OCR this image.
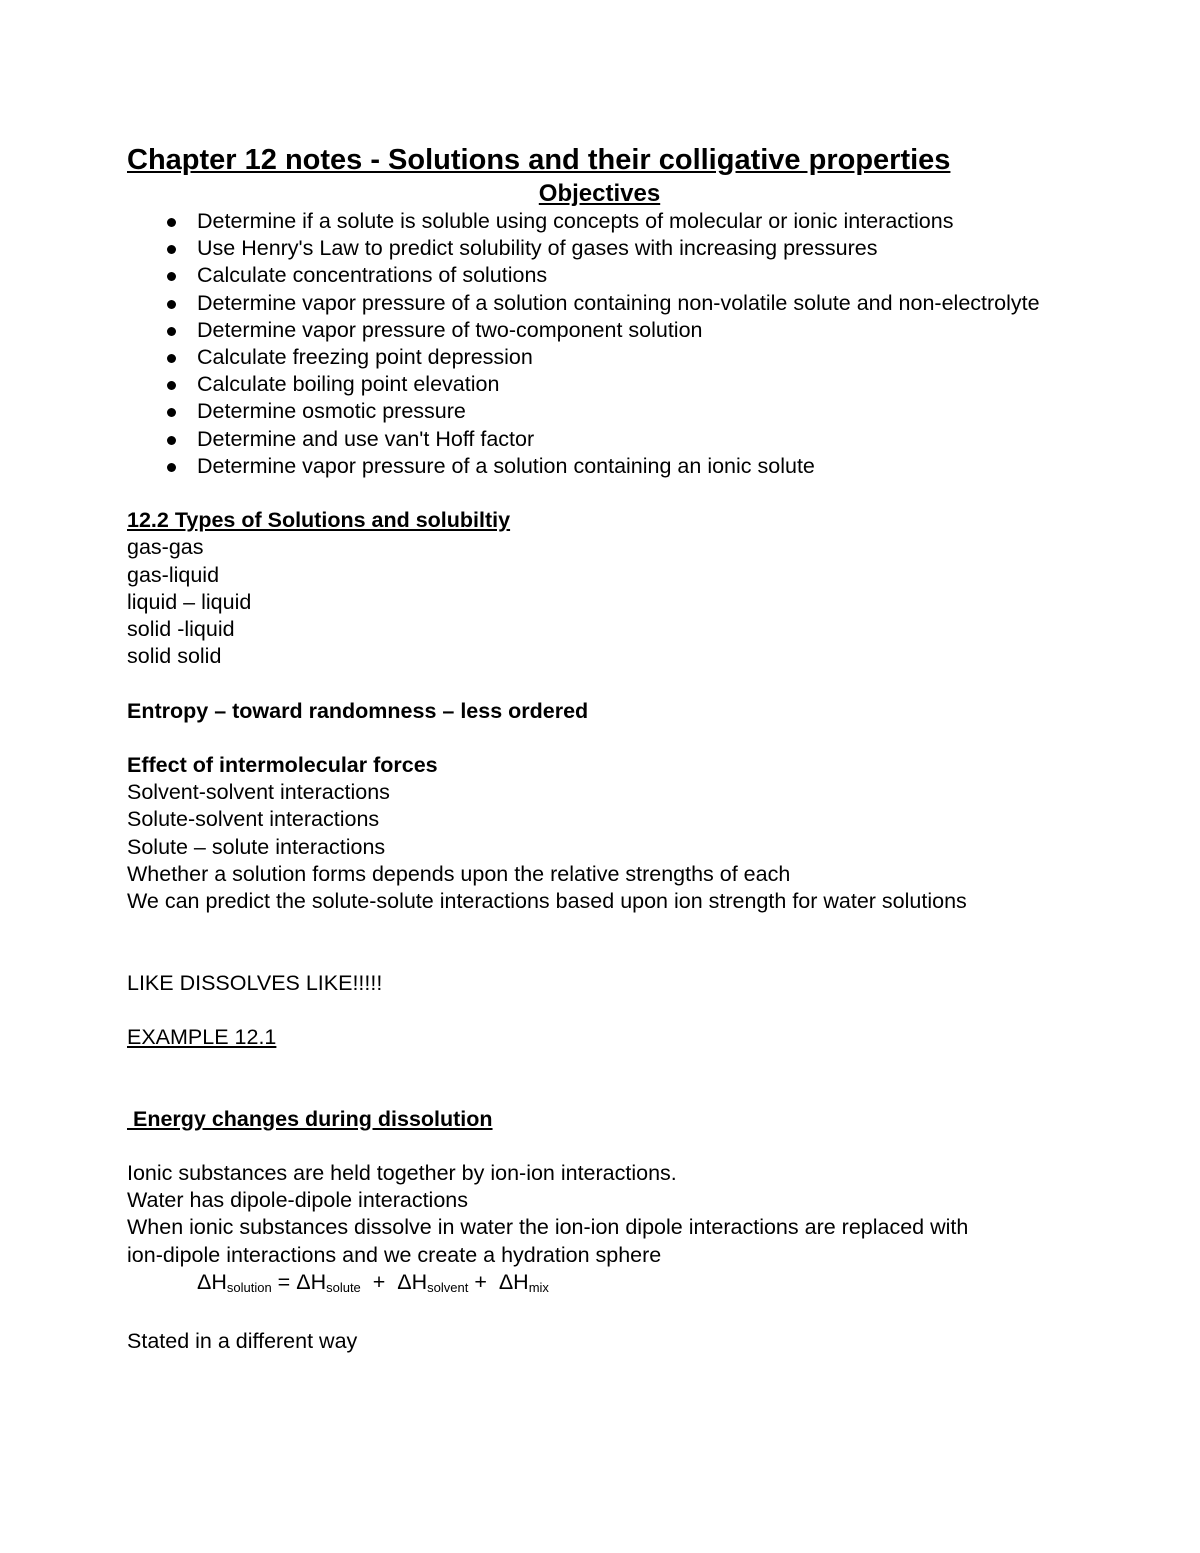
Chapter 12 notes - Solutions and their colligative properties
Objectives
Determine if a solute is soluble using concepts of molecular or ionic interactions
Use Henry's Law to predict solubility of gases with increasing pressures
Calculate concentrations of solutions
Determine vapor pressure of a solution containing non-volatile solute and non-electrolyte
Determine vapor pressure of two-component solution
Calculate freezing point depression
Calculate boiling point elevation
Determine osmotic pressure
Determine and use van't Hoff factor
Determine vapor pressure of a solution containing an ionic solute
12.2 Types of Solutions and solubiltiy
gas-gas
gas-liquid
liquid – liquid
solid -liquid
solid solid
Entropy – toward randomness – less ordered
Effect of intermolecular forces
Solvent-solvent interactions
Solute-solvent interactions
Solute – solute interactions
Whether a solution forms depends upon the relative strengths of each
We can predict the solute-solute interactions based upon ion strength for water solutions
LIKE DISSOLVES LIKE!!!!!
EXAMPLE 12.1
Energy changes during dissolution
Ionic substances are held together by ion-ion interactions.
Water has dipole-dipole interactions
When ionic substances dissolve in water the ion-ion dipole interactions are replaced with
ion-dipole interactions and we create a hydration sphere
$\Delta H_{solution} = \Delta H_{solute} + \Delta H_{solvent} + \Delta H_{mix}$
Stated in a different way
